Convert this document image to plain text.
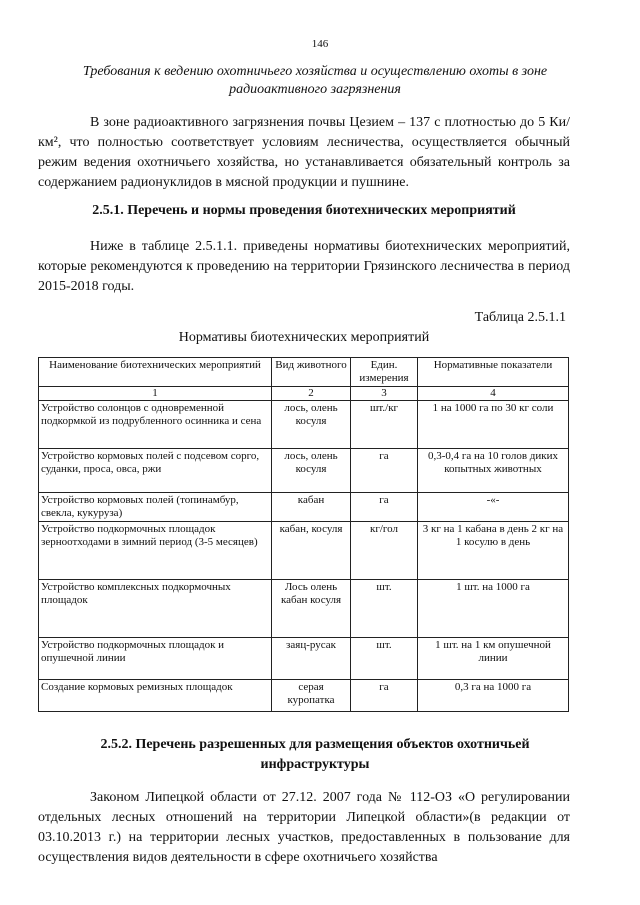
146
Требования к ведению охотничьего хозяйства и осуществлению охоты в зоне радиоактивного загрязнения
В зоне радиоактивного загрязнения почвы Цезием – 137 с плотностью до 5 Ки/км², что полностью соответствует условиям лесничества, осуществляется обычный режим ведения охотничьего хозяйства, но устанавливается обязательный контроль за содержанием радионуклидов в мясной продукции и пушнине.
2.5.1. Перечень и нормы проведения биотехнических мероприятий
Ниже в таблице 2.5.1.1. приведены нормативы биотехнических мероприятий, которые рекомендуются к проведению на территории Грязинского лесничества в период 2015-2018 годы.
Таблица 2.5.1.1
Нормативы биотехнических мероприятий
Наименование биотехнических мероприятий	Вид животного	Един. измерения	Нормативные показатели
1	2	3	4
Устройство солонцов с одновременной подкормкой из подрубленного осинника и сена	лось, олень косуля	шт./кг	1 на 1000 га по 30 кг соли
Устройство кормовых полей с подсевом сорго, суданки, проса, овса, ржи	лось, олень косуля	га	0,3-0,4 га на 10 голов диких копытных животных
Устройство кормовых полей (топинамбур, свекла, кукуруза)	кабан	га	-«-
Устройство подкормочных площадок зерноотходами в зимний период (3-5 месяцев)	кабан, косуля	кг/гол	3 кг на 1 кабана в день 2 кг на 1 косулю в день
Устройство комплексных подкормочных площадок	Лось олень кабан косуля	шт.	1 шт. на 1000 га
Устройство подкормочных площадок и опушечной линии	заяц-русак	шт.	1 шт. на 1 км опушечной линии
Создание кормовых ремизных площадок	серая куропатка	га	0,3 га на 1000 га
2.5.2. Перечень разрешенных для размещения объектов охотничьей инфраструктуры
Законом Липецкой области от 27.12. 2007 года № 112-ОЗ «О регулировании отдельных лесных отношений на территории Липецкой области»(в редакции от 03.10.2013 г.) на территории лесных участков, предоставленных в пользование для осуществления видов деятельности в сфере охотничьего хозяйства
